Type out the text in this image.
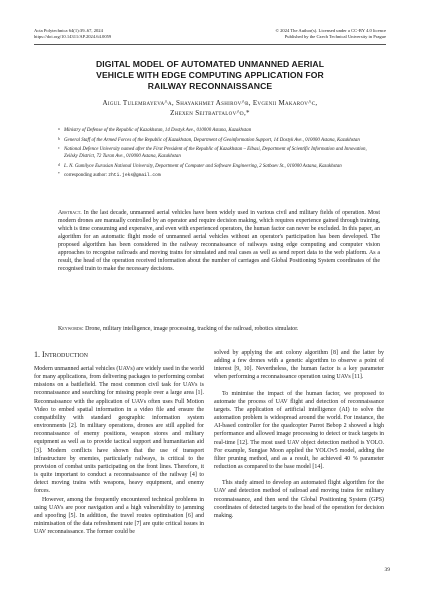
Acta Polytechnica 64(1):39–67, 2024
https://doi.org/10.14311/AP.2024.64.0059
© 2024 The Author(s). Licensed under a CC-BY 4.0 licence
Published by the Czech Technical University in Prague
DIGITAL MODEL OF AUTOMATED UNMANNED AERIAL
VEHICLE WITH EDGE COMPUTING APPLICATION FOR
RAILWAY RECONNAISSANCE
Aigul Tulembayeva^a, Shayakhmet Ashirov^b, Evgenii Makarov^c,
Zhexen Seitbattalov^d,*
a Ministry of Defense of the Republic of Kazakhstan, 14 Dostyk Ave., 010000 Astana, Kazakhstan
b General Staff of the Armed Forces of the Republic of Kazakhstan, Department of Geoinformation Support, 14 Dostyk Ave., 010000 Astana, Kazakhstan
c National Defence University named after the First President of the Republic of Kazakhstan – Elbasi, Department of Scientific Information and Innovation, Zeilsky District, 72 Turan Ave., 010000 Astana, Kazakhstan
d L. N. Gumilyov Eurasian National University, Department of Computer and Software Engineering, 2 Satbaev St., 010000 Astana, Kazakhstan
* corresponding author: zhti.jeks@gmail.com
Abstract. In the last decade, unmanned aerial vehicles have been widely used in various civil and military fields of operation. Most modern drones are manually controlled by an operator and require decision making, which requires experience gained through training, which is time consuming and expensive, and even with experienced operators, the human factor can never be excluded. In this paper, an algorithm for an automatic flight mode of unmanned aerial vehicles without an operator's participation has been developed. The proposed algorithm has been considered in the railway reconnaissance of railways using edge computing and computer vision approaches to recognise railroads and moving trains for simulated and real cases as well as send report data to the web platform. As a result, the head of the operation received information about the number of carriages and Global Positioning System coordinates of the recognised train to make the necessary decisions.
Keywords: Drone, military intelligence, image processing, tracking of the railroad, robotics simulator.
1. Introduction

Modern unmanned aerial vehicles (UAVs) are widely used in the world for many applications, from delivering packages to performing combat missions on a battlefield. The most common civil task for UAVs is reconnaissance and searching for missing people over a large area [1]. Reconnaissance with the application of UAVs often uses Full Motion Video to embed spatial information in a video file and ensure the compatibility with standard geographic information system environments [2]. In military operations, drones are still applied for reconnaissance of enemy positions, weapon stores and military equipment as well as to provide tactical support and humanitarian aid [3]. Modern conflicts have shown that the use of transport infrastructure by enemies, particularly railways, is critical to the provision of combat units participating on the front lines. Therefore, it is quite important to conduct a reconnaissance of the railway [4] to detect moving trains with weapons, heavy equipment, and enemy forces.

However, among the frequently encountered technical problems in using UAVs are poor navigation and a high vulnerability to jamming and spoofing [5]. In addition, the travel routes optimisation [6] and minimisation of the data refreshment rate [7] are quite critical issues in UAV reconnaissance. The former could be

solved by applying the ant colony algorithm [8] and the latter by adding a few drones with a genetic algorithm to observe a point of interest [9, 10]. Nevertheless, the human factor is a key parameter when performing a reconnaissance operation using UAVs [11].

To minimise the impact of the human factor, we proposed to automate the process of UAV flight and detection of reconnaissance targets. The application of artificial intelligence (AI) to solve the automation problem is widespread around the world. For instance, the AI-based controller for the quadcopter Parrot Bebop 2 showed a high performance and allowed image processing to detect or track targets in real-time [12]. The most used UAV object detection method is YOLO. For example, Sungjae Moon applied the YOLOv5 model, adding the filter pruning method, and as a result, he achieved 40 % parameter reduction as compared to the base model [14].

This study aimed to develop an automated flight algorithm for the UAV and detection method of railroad and moving trains for military reconnaissance, and then send the Global Positioning System (GPS) coordinates of detected targets to the head of the operation for decision making.

39
